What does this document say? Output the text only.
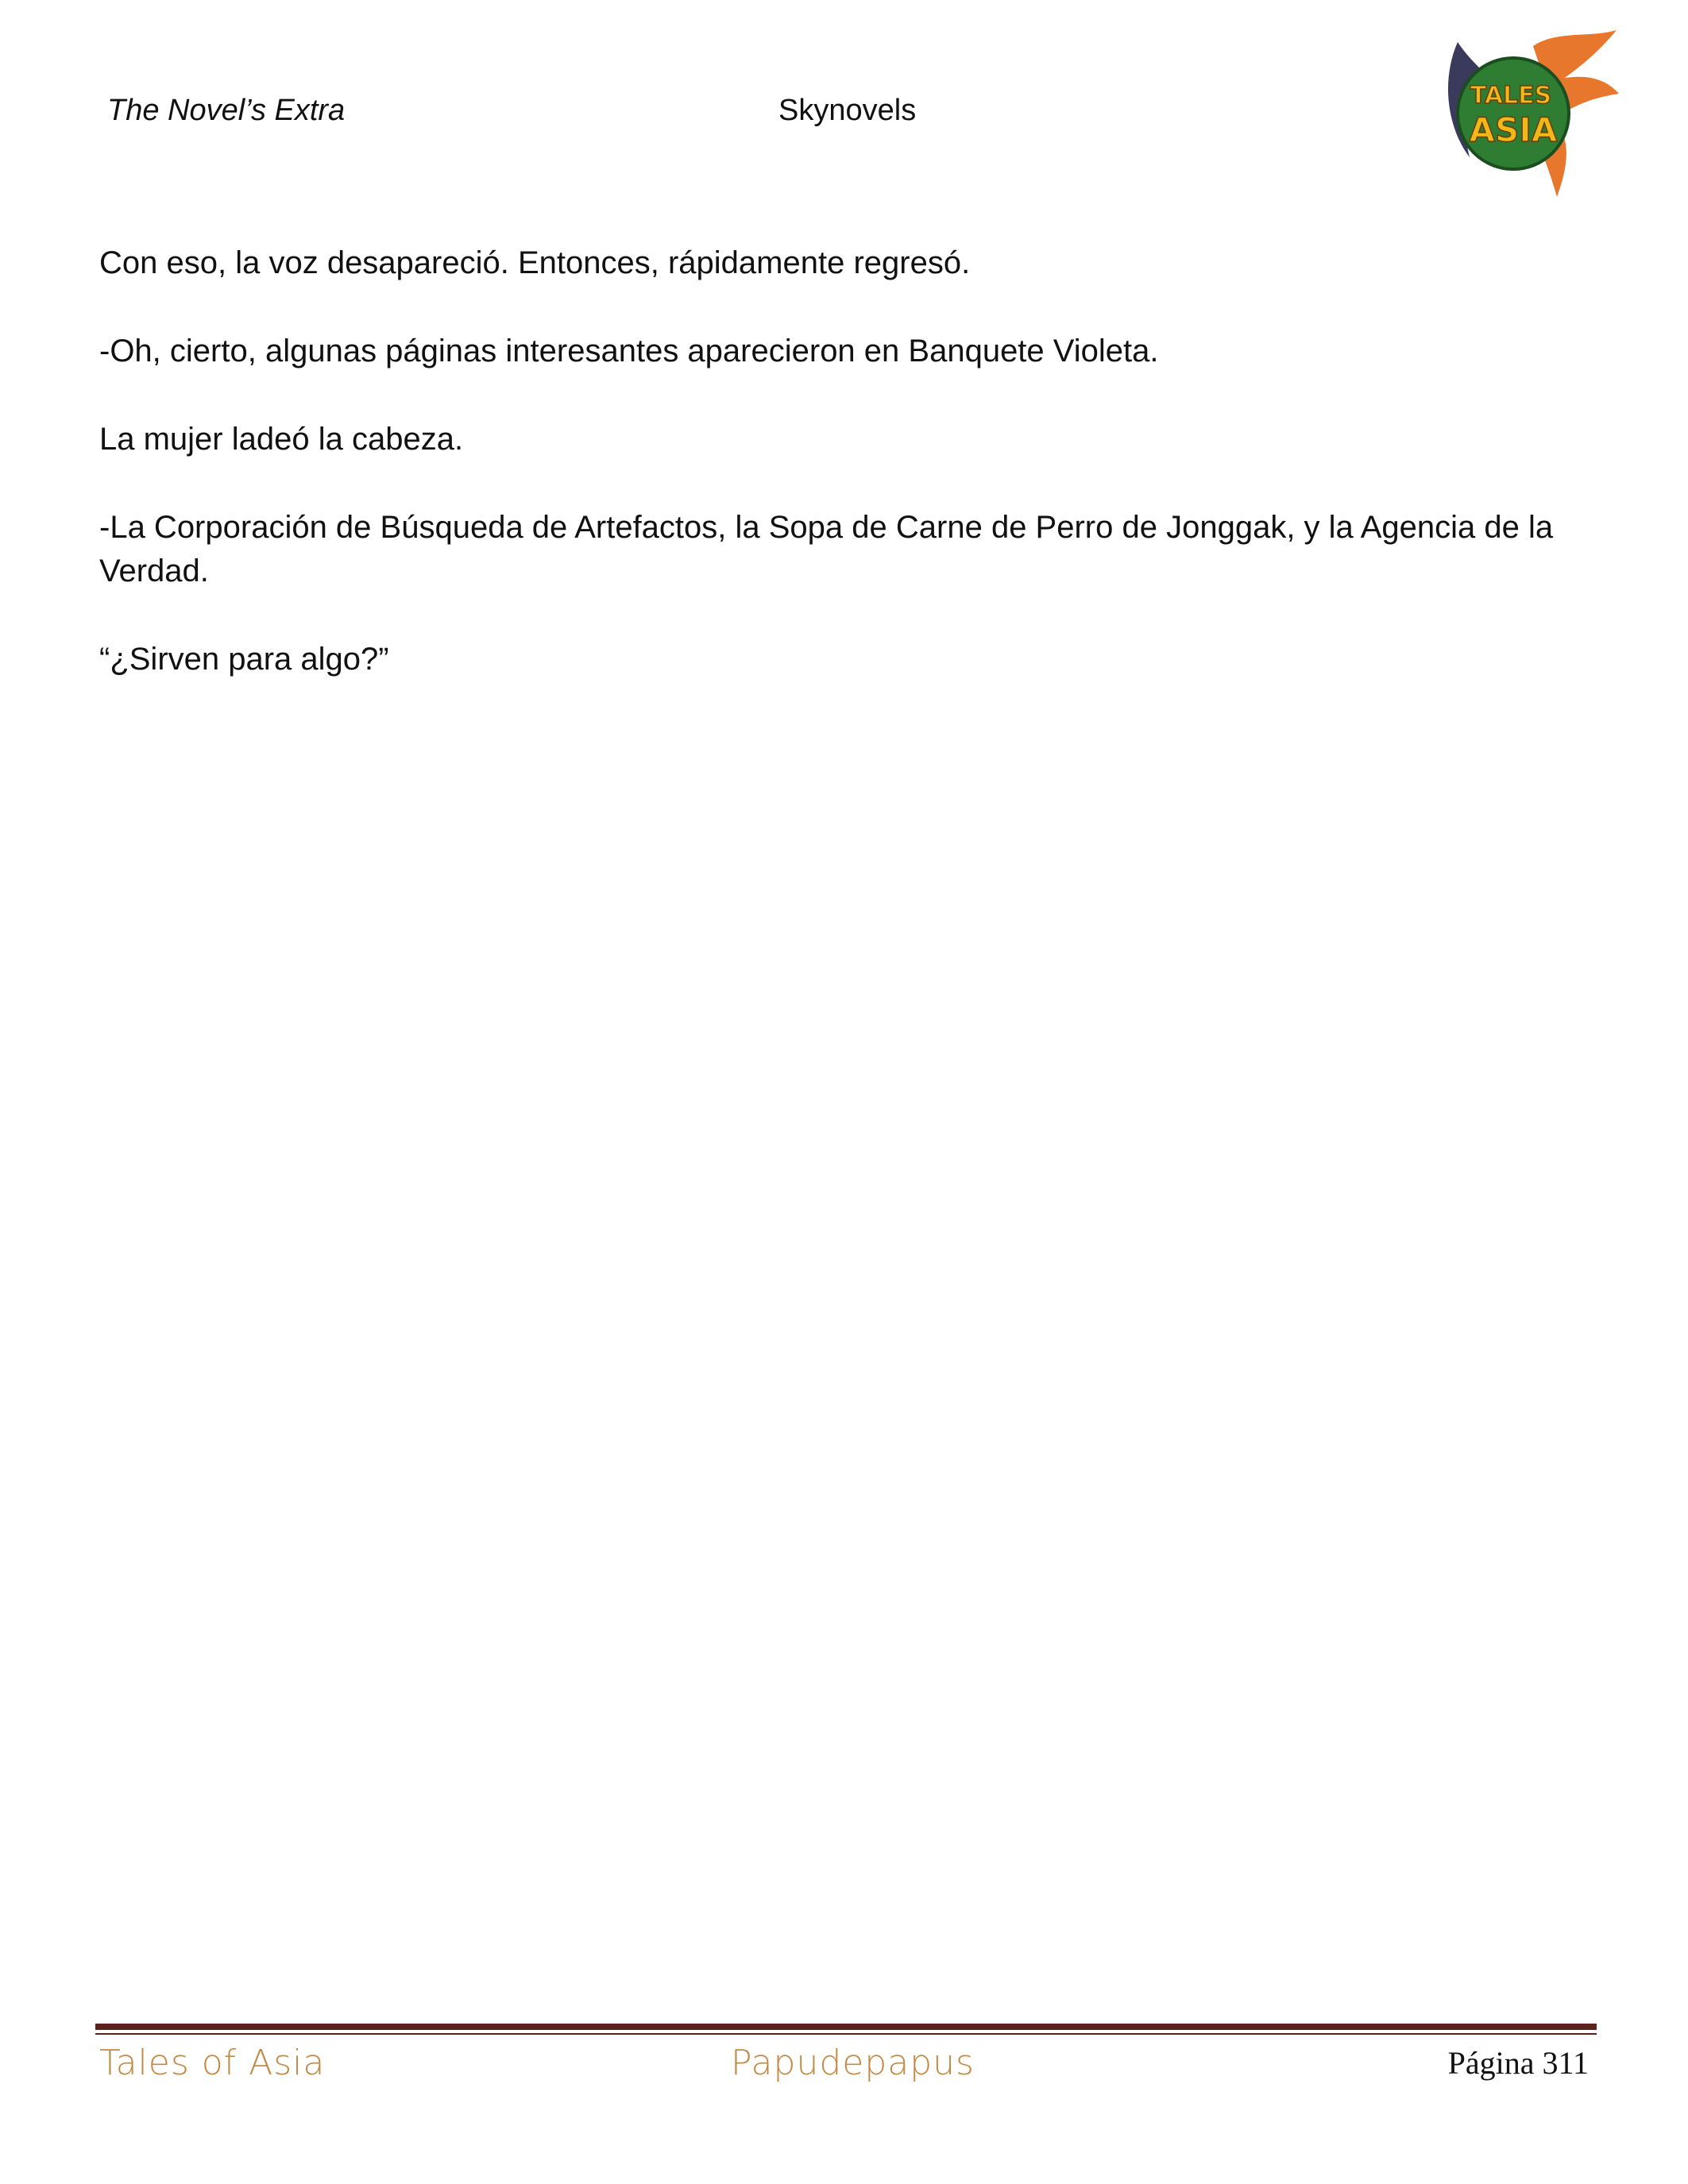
The Novel’s Extra	Skynovels	TALES
ASIA

Con eso, la voz desapareció. Entonces, rápidamente regresó.

-Oh, cierto, algunas páginas interesantes aparecieron en Banquete Violeta.

La mujer ladeó la cabeza.

-La Corporación de Búsqueda de Artefactos, la Sopa de Carne de Perro de Jonggak, y la Agencia de la Verdad.

“¿Sirven para algo?”

Tales of Asia	Papudepapus	Página 311
